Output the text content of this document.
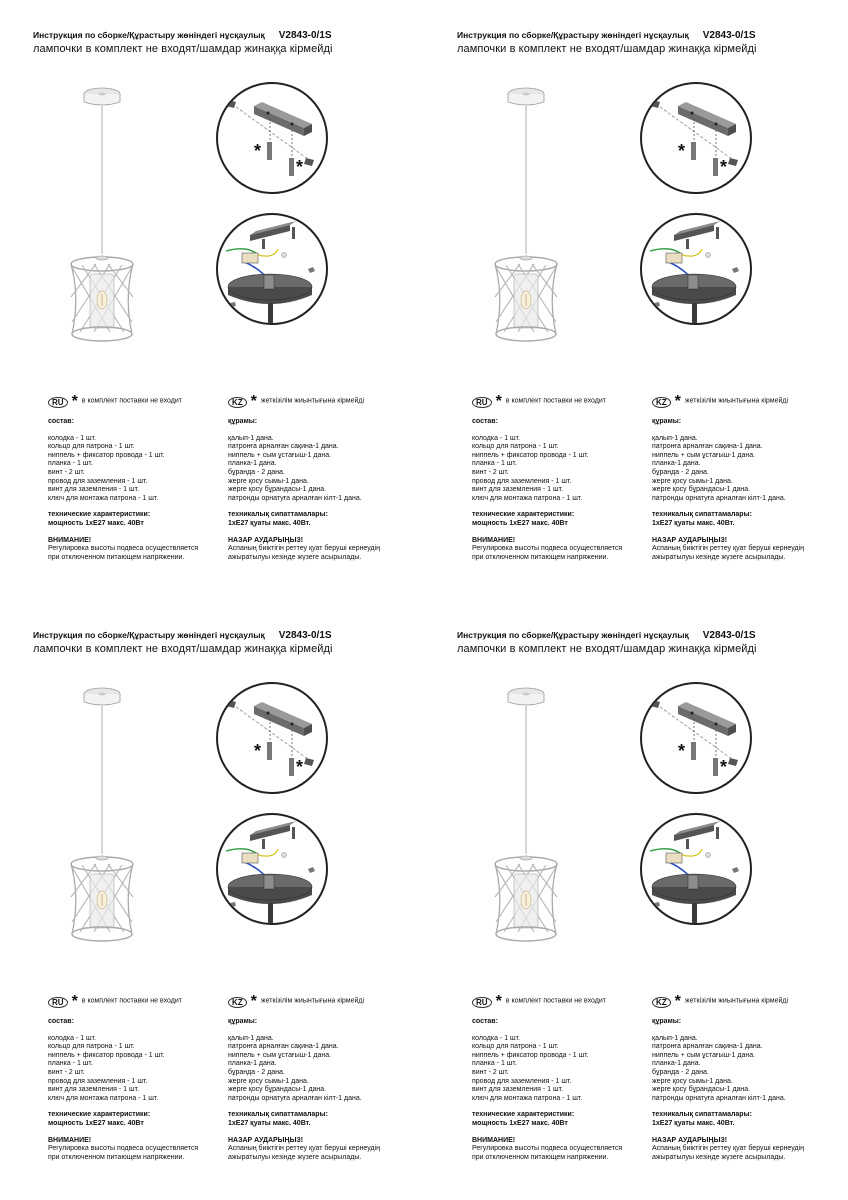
Инструкция по сборке/Құрастыру жөніндегі нұсқаулық V2843-0/1S
лампочки в комплект не входят/шамдар жинаққа кірмейді
*
*
RU * в комплект поставки не входит
состав:
колодка - 1 шт.
кольцо для патрона - 1 шт.
ниппель + фиксатор провода - 1 шт.
планка - 1 шт.
винт - 2 шт.
провод для заземления - 1 шт.
винт для заземления - 1 шт.
ключ для монтажа патрона - 1 шт.
технические характеристики:
мощность 1хЕ27 макс. 40Вт
ВНИМАНИЕ!
Регулировка высоты подвеса осуществляется
при отключенном питающем напряжении.
KZ * жеткізілім жиынтығына кірмейді
құрамы:
қалып-1 дана.
патронға арналған сақина-1 дана.
ниппель + сым ұстағыш-1 дана.
планка-1 дана.
бұранда - 2 дана.
жерге қосу сымы-1 дана.
жерге қосу бұрандасы-1 дана.
патронды орнатуға арналған кілт-1 дана.
техникалық сипаттамалары:
1хЕ27 қуаты макс. 40Вт.
НАЗАР АУДАРЫҢЫЗ!
Аспаның биіктігін реттеу қуат беруші кернеудің
ажыратылуы кезінде жүзеге асырылады.
Инструкция по сборке/Құрастыру жөніндегі нұсқаулық V2843-0/1S
лампочки в комплект не входят/шамдар жинаққа кірмейді
*
*
RU * в комплект поставки не входит
состав:
колодка - 1 шт.
кольцо для патрона - 1 шт.
ниппель + фиксатор провода - 1 шт.
планка - 1 шт.
винт - 2 шт.
провод для заземления - 1 шт.
винт для заземления - 1 шт.
ключ для монтажа патрона - 1 шт.
технические характеристики:
мощность 1хЕ27 макс. 40Вт
ВНИМАНИЕ!
Регулировка высоты подвеса осуществляется
при отключенном питающем напряжении.
KZ * жеткізілім жиынтығына кірмейді
құрамы:
қалып-1 дана.
патронға арналған сақина-1 дана.
ниппель + сым ұстағыш-1 дана.
планка-1 дана.
бұранда - 2 дана.
жерге қосу сымы-1 дана.
жерге қосу бұрандасы-1 дана.
патронды орнатуға арналған кілт-1 дана.
техникалық сипаттамалары:
1хЕ27 қуаты макс. 40Вт.
НАЗАР АУДАРЫҢЫЗ!
Аспаның биіктігін реттеу қуат беруші кернеудің
ажыратылуы кезінде жүзеге асырылады.
Инструкция по сборке/Құрастыру жөніндегі нұсқаулық V2843-0/1S
лампочки в комплект не входят/шамдар жинаққа кірмейді
*
*
RU * в комплект поставки не входит
состав:
колодка - 1 шт.
кольцо для патрона - 1 шт.
ниппель + фиксатор провода - 1 шт.
планка - 1 шт.
винт - 2 шт.
провод для заземления - 1 шт.
винт для заземления - 1 шт.
ключ для монтажа патрона - 1 шт.
технические характеристики:
мощность 1хЕ27 макс. 40Вт
ВНИМАНИЕ!
Регулировка высоты подвеса осуществляется
при отключенном питающем напряжении.
KZ * жеткізілім жиынтығына кірмейді
құрамы:
қалып-1 дана.
патронға арналған сақина-1 дана.
ниппель + сым ұстағыш-1 дана.
планка-1 дана.
бұранда - 2 дана.
жерге қосу сымы-1 дана.
жерге қосу бұрандасы-1 дана.
патронды орнатуға арналған кілт-1 дана.
техникалық сипаттамалары:
1хЕ27 қуаты макс. 40Вт.
НАЗАР АУДАРЫҢЫЗ!
Аспаның биіктігін реттеу қуат беруші кернеудің
ажыратылуы кезінде жүзеге асырылады.
Инструкция по сборке/Құрастыру жөніндегі нұсқаулық V2843-0/1S
лампочки в комплект не входят/шамдар жинаққа кірмейді
*
*
RU * в комплект поставки не входит
состав:
колодка - 1 шт.
кольцо для патрона - 1 шт.
ниппель + фиксатор провода - 1 шт.
планка - 1 шт.
винт - 2 шт.
провод для заземления - 1 шт.
винт для заземления - 1 шт.
ключ для монтажа патрона - 1 шт.
технические характеристики:
мощность 1хЕ27 макс. 40Вт
ВНИМАНИЕ!
Регулировка высоты подвеса осуществляется
при отключенном питающем напряжении.
KZ * жеткізілім жиынтығына кірмейді
құрамы:
қалып-1 дана.
патронға арналған сақина-1 дана.
ниппель + сым ұстағыш-1 дана.
планка-1 дана.
бұранда - 2 дана.
жерге қосу сымы-1 дана.
жерге қосу бұрандасы-1 дана.
патронды орнатуға арналған кілт-1 дана.
техникалық сипаттамалары:
1хЕ27 қуаты макс. 40Вт.
НАЗАР АУДАРЫҢЫЗ!
Аспаның биіктігін реттеу қуат беруші кернеудің
ажыратылуы кезінде жүзеге асырылады.
